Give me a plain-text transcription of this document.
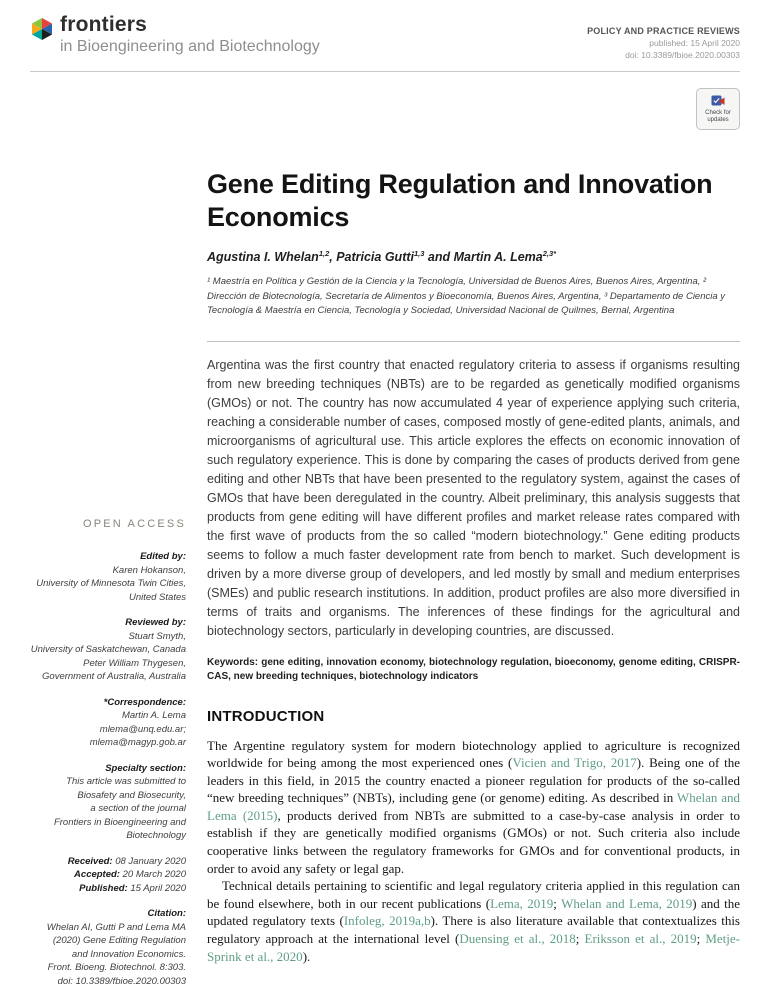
frontiers
in Bioengineering and Biotechnology
POLICY AND PRACTICE REVIEWS
published: 15 April 2020
doi: 10.3389/fbioe.2020.00303
Check for
updates
OPEN ACCESS
Edited by:
Karen Hokanson,
University of Minnesota Twin Cities,
United States
Reviewed by:
Stuart Smyth,
University of Saskatchewan, Canada
Peter William Thygesen,
Government of Australia, Australia
*Correspondence:
Martin A. Lema
mlema@unq.edu.ar;
mlema@magyp.gob.ar
Specialty section:
This article was submitted to
Biosafety and Biosecurity,
a section of the journal
Frontiers in Bioengineering and
Biotechnology
Received: 08 January 2020
Accepted: 20 March 2020
Published: 15 April 2020
Citation:
Whelan AI, Gutti P and Lema MA
(2020) Gene Editing Regulation
and Innovation Economics.
Front. Bioeng. Biotechnol. 8:303.
doi: 10.3389/fbioe.2020.00303
Gene Editing Regulation and Innovation Economics
Agustina I. Whelan$^{1,2}$, Patricia Gutti$^{1,3}$ and Martin A. Lema$^{2,3*}$
¹ Maestría en Política y Gestión de la Ciencia y la Tecnología, Universidad de Buenos Aires, Buenos Aires, Argentina, ² Dirección de Biotecnología, Secretaría de Alimentos y Bioeconomía, Buenos Aires, Argentina, ³ Departamento de Ciencia y Tecnología & Maestría en Ciencia, Tecnología y Sociedad, Universidad Nacional de Quilmes, Bernal, Argentina

Argentina was the first country that enacted regulatory criteria to assess if organisms resulting from new breeding techniques (NBTs) are to be regarded as genetically modified organisms (GMOs) or not. The country has now accumulated 4 year of experience applying such criteria, reaching a considerable number of cases, composed mostly of gene-edited plants, animals, and microorganisms of agricultural use. This article explores the effects on economic innovation of such regulatory experience. This is done by comparing the cases of products derived from gene editing and other NBTs that have been presented to the regulatory system, against the cases of GMOs that have been deregulated in the country. Albeit preliminary, this analysis suggests that products from gene editing will have different profiles and market release rates compared with the first wave of products from the so called “modern biotechnology.” Gene editing products seems to follow a much faster development rate from bench to market. Such development is driven by a more diverse group of developers, and led mostly by small and medium enterprises (SMEs) and public research institutions. In addition, product profiles are also more diversified in terms of traits and organisms. The inferences of these findings for the agricultural and biotechnology sectors, particularly in developing countries, are discussed.

Keywords: gene editing, innovation economy, biotechnology regulation, bioeconomy, genome editing, CRISPR-CAS, new breeding techniques, biotechnology indicators

INTRODUCTION

The Argentine regulatory system for modern biotechnology applied to agriculture is recognized worldwide for being among the most experienced ones (Vicien and Trigo, 2017). Being one of the leaders in this field, in 2015 the country enacted a pioneer regulation for products of the so-called “new breeding techniques” (NBTs), including gene (or genome) editing. As described in Whelan and Lema (2015), products derived from NBTs are submitted to a case-by-case analysis in order to establish if they are genetically modified organisms (GMOs) or not. Such criteria also include cooperative links between the regulatory frameworks for GMOs and for conventional products, in order to avoid any safety or legal gap.

Technical details pertaining to scientific and legal regulatory criteria applied in this regulation can be found elsewhere, both in our recent publications (Lema, 2019; Whelan and Lema, 2019) and the updated regulatory texts (Infoleg, 2019a,b). There is also literature available that contextualizes this regulatory approach at the international level (Duensing et al., 2018; Eriksson et al., 2019; Metje-Sprink et al., 2020).
